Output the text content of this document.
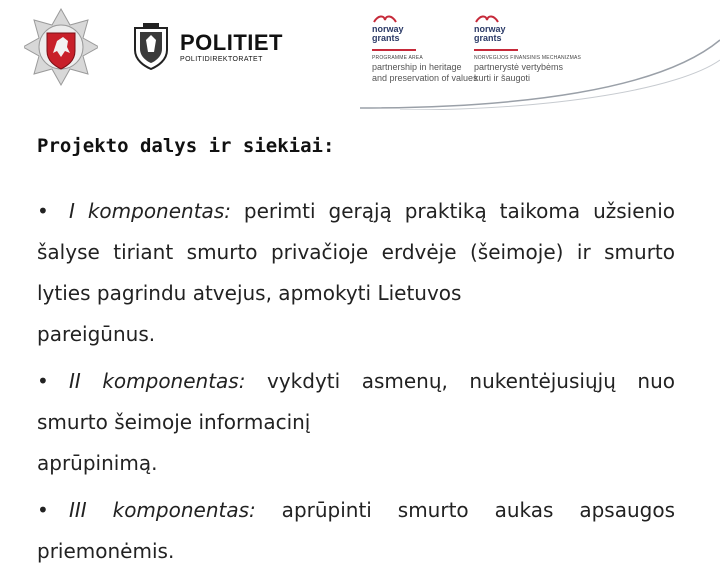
POLITIET
POLITIDIREKTORATET
norway
grants
PROGRAMME AREA
partnership in heritage
and preservation of values
norway
grants
NORVEGIJOS FINANSINIS MECHANIZMAS
partnerystė vertybėms
kurti ir šaugoti
Projekto dalys ir siekiai:

• I komponentas: perimti gerąją praktiką taikoma užsienio šalyse tiriant smurto privačioje erdvėje (šeimoje) ir smurto lyties pagrindu atvejus, apmokyti Lietuvos
pareigūnus.

• II komponentas: vykdyti asmenų, nukentėjusiųjų nuo smurto šeimoje informacinį
aprūpinimą.

• III komponentas: aprūpinti smurto aukas apsaugos priemonėmis.
